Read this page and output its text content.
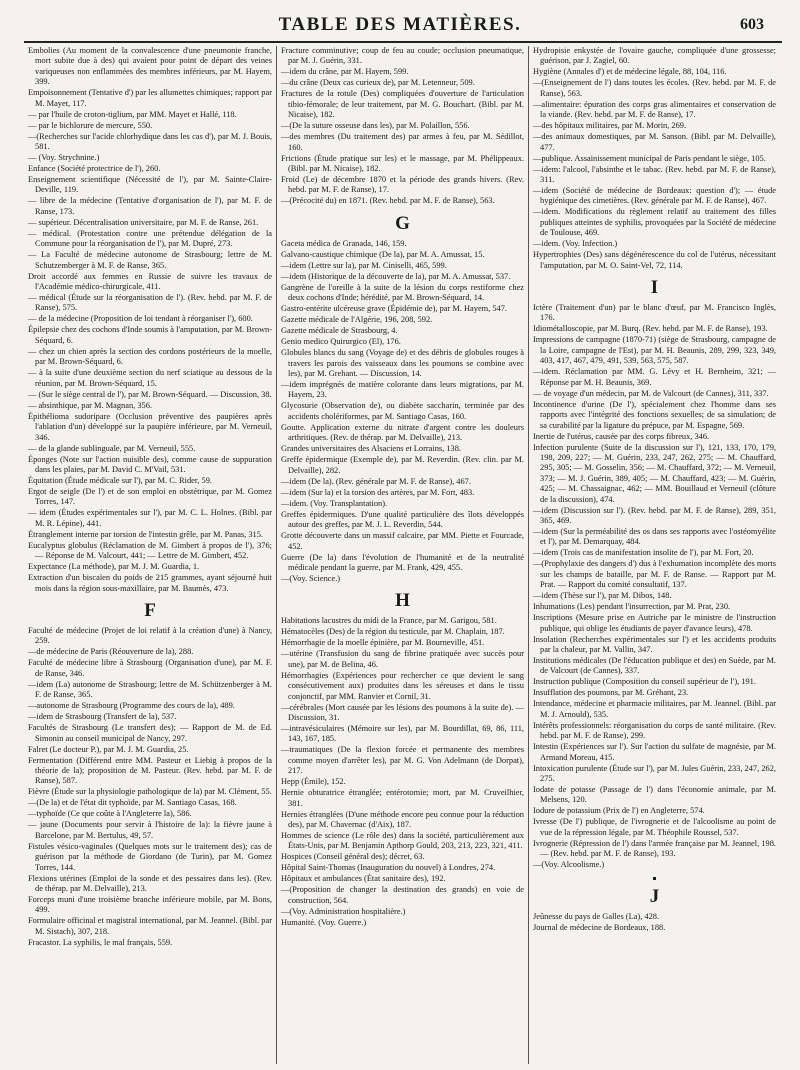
TABLE DES MATIÈRES.	603
Embolies (Au moment de la convalescence d'une pneumonie franche, mort subite due à des) qui avaient pour point de départ des veines variqueuses non enflammées des membres inférieurs, par M. Hayem, 399.
Empoisonnement (Tentative d') par les allumettes chimiques; rapport par M. Mayet, 117.
— par l'huile de croton-tiglium, par MM. Mayet et Hallé, 118.
— par le bichlorure de mercure, 550.
—(Recherches sur l'acide chlorhydique dans les cas d'), par M. J. Bouis, 581.
— (Voy. Strychnine.)
Enfance (Société protectrice de l'), 260.
Enseignement scientifique (Nécessité de l'), par M. Sainte-Claire-Deville, 119.
— libre de la médecine (Tentative d'organisation de l'), par M. F. de Ranse, 173.
— supérieur. Décentralisation universitaire, par M. F. de Ranse, 261.
— médical. (Protestation contre une prétendue délégation de la Commune pour la réorganisation de l'), par M. Dupré, 273.
— La Faculté de médecine autonome de Strasbourg; lettre de M. Schutzemberger à M. F. de Ranse, 365.
Droit accordé aux femmes en Russie de suivre les travaux de l'Académie médico-chirurgicale, 411.
— médical (Étude sur la réorganisation de l'). (Rev. hebd. par M. F. de Ranse), 575.
— de la médecine (Proposition de loi tendant à réorganiser l'), 600.
Épilepsie chez des cochons d'Inde soumis à l'amputation, par M. Brown-Séquard, 6.
— chez un chien après la section des cordons postérieurs de la moelle, par M. Brown-Séquard, 6.
— à la suite d'une deuxième section du nerf sciatique au dessous de la réunion, par M. Brown-Séquard, 15.
— (Sur le siège central de l'), par M. Brown-Séquard. — Discussion, 38.
— absinthique, par M. Magnan, 356.
Épithélioma sudoripare (Occlusion préventive des paupières après l'ablation d'un) développé sur la paupière inférieure, par M. Verneuil, 346.
— de la glande sublinguale, par M. Verneuil, 555.
Éponges (Note sur l'action nuisible des), comme cause de suppuration dans les plaies, par M. David C. M'Vail, 531.
Équitation (Étude médicale sur l'), par M. C. Rider, 59.
Ergot de seigle (De l') et de son emploi en obstétrique, par M. Gomez Torres, 147.
— idem (Études expérimentales sur l'), par M. C. L. Holnes. (Bibl. par M. R. Lépine), 441.
Étranglement interne par torsion de l'intestin grêle, par M. Panas, 315.
Eucalyptus globulus (Réclamation de M. Gimbert à propos de l'), 376; — Réponse de M. Valcourt, 441; — Lettre de M. Gimbert, 452.
Expectance (La méthode), par M. J. M. Guardia, 1.
Extraction d'un biscaïen du poids de 215 grammes, ayant séjourné huit mois dans la région sous-maxillaire, par M. Baumès, 473.
F
Faculté de médecine (Projet de loi relatif à la création d'une) à Nancy, 259.
—de médecine de Paris (Réouverture de la), 288.
Faculté de médecine libre à Strasbourg (Organisation d'une), par M. F. de Ranse, 346.
—idem (La) autonome de Strasbourg; lettre de M. Schützenberger à M. F. de Ranse, 365.
—autonome de Strasbourg (Programme des cours de la), 489.
—idem de Strasbourg (Transfert de la), 537.
Facultés de Strasbourg (Le transfert des); — Rapport de M. de Ed. Simonin au conseil municipal de Nancy, 297.
Falret (Le docteur P.), par M. J. M. Guardia, 25.
Fermentation (Différend entre MM. Pasteur et Liebig à propos de la théorie de la); proposition de M. Pasteur. (Rev. hebd. par M. F. de Ranse), 587.
Fièvre (Étude sur la physiologie pathologique de la) par M. Clément, 55.
—(De la) et de l'état dit typhoïde, par M. Santiago Casas, 168.
—typhoïde (Ce que coûte à l'Angleterre la), 586.
— jaune (Documents pour servir à l'histoire de la): la fièvre jaune à Barcelone, par M. Bertulus, 49, 57.
Fistules vésico-vaginales (Quelques mots sur le traitement des); cas de guérison par la méthode de Giordano (de Turin), par M. Gomez Torres, 144.
Flexions utérines (Emploi de la sonde et des pessaires dans les). (Rev. de thérap. par M. Delvaille), 213.
Forceps muni d'une troisième branche inférieure mobile, par M. Bons, 499.
Formulaire officinal et magistral international, par M. Jeannel. (Bibl. par M. Sistach), 307, 218.
Fracastor. La syphilis, le mal français, 559.
Fracture comminutive; coup de feu au coude; occlusion pneumatique, par M. J. Guérin, 331.
—idem du crâne, par M. Hayem, 599.
—du crâne (Deux cas curieux de), par M. Letenneur, 509.
Fractures de la rotule (Des) compliquées d'ouverture de l'articulation tibio-fémorale; de leur traitement, par M. G. Bouchart. (Bibl. par M. Nicaise), 182.
—(De la suture osseuse dans les), par M. Polaillon, 556.
—des membres (Du traitement des) par armes à feu, par M. Sédillot, 160.
Frictions (Étude pratique sur les) et le massage, par M. Phélippeaux. (Bibl. par M. Nicaise), 182.
Froid (Le) de décembre 1870 et la période des grands hivers. (Rev. hebd. par M. F. de Ranse), 17.
—(Précocité du) en 1871. (Rev. hebd. par M. F. de Ranse), 563.
G
Gaceta médica de Granada, 146, 159.
Galvano-caustique chimique (De la), par M. A. Amussat, 15.
—idem (Lettre sur la), par M. Ciniselli, 465, 599.
—idem (Historique de la découverte de la), par M. A. Amussat, 537.
Gangrène de l'oreille à la suite de la lésion du corps restiforme chez deux cochons d'Inde; hérédité, par M. Brown-Séquard, 14.
Gastro-entérite ulcéreuse grave (Épidémie de), par M. Hayem, 547.
Gazette médicale de l'Algérie, 196, 208, 592.
Gazette médicale de Strasbourg, 4.
Genio medico Quirurgico (El), 176.
Globules blancs du sang (Voyage de) et des débris de globules rouges à travers les parois des vaisseaux dans les poumons se combine avec les), par M. Grehant. — Discussion, 14.
—idem imprégnés de matière colorante dans leurs migrations, par M. Hayem, 23.
Glycosurie (Observation de), ou diabète saccharin, terminée par des accidents cholériformes, par M. Santiago Casas, 160.
Goutte. Application externe du nitrate d'argent contre les douleurs arthritiques. (Rev. de thérap. par M. Delvaille), 213.
Grandes universitaires des Alsaciens et Lorrains, 138.
Greffe épidermique (Exemple de), par M. Reverdin. (Rev. clin. par M. Delvaille), 282.
—idem (De la). (Rev. générale par M. F. de Ranse), 467.
—idem (Sur la) et la torsion des artères, par M. Fort, 483.
—idem. (Voy. Transplantation).
Greffes épidermiques. D'une qualité particulière des îlots développés autour des greffes, par M. J. L. Reverdin, 544.
Grotte découverte dans un massif calcaire, par MM. Piette et Fourcade, 452.
Guerre (De la) dans l'évolution de l'humanité et de la neutralité médicale pendant la guerre, par M. Frank, 429, 455.
—(Voy. Science.)
H
Habitations lacustres du midi de la France, par M. Garigou, 581.
Hématocèles (Des) de la région du testicule, par M. Chaplain, 187.
Hémorrhagie de la moelle épinière, par M. Bourneville, 451.
—utérine (Transfusion du sang de fibrine pratiquée avec succès pour une), par M. de Belina, 46.
Hémorrhagies (Expériences pour rechercher ce que devient le sang consécutivement aux) produites dans les séreuses et dans le tissu conjonctif, par MM. Ranvier et Cornil, 31.
—cérébrales (Mort causée par les lésions des poumons à la suite de). — Discussion, 31.
—intravésiculaires (Mémoire sur les), par M. Bourdillat, 69, 86, 111, 143, 167, 185.
—traumatiques (De la flexion forcée et permanente des membres comme moyen d'arrêter les), par M. G. Von Adelmann (de Dorpat), 217.
Hepp (Émile), 152.
Hernie obturatrice étranglée; entérotomie; mort, par M. Cruveilhier, 381.
Hernies étranglées (D'une méthode encore peu connue pour la réduction des), par M. Chavernac (d'Aix), 187.
Hommes de science (Le rôle des) dans la société, particulièrement aux États-Unis, par M. Benjamin Apthorp Gould, 203, 213, 223, 321, 411.
Hospices (Conseil général des); décret, 63.
Hôpital Saint-Thomas (Inauguration du nouvel) à Londres, 274.
Hôpitaux et ambulances (État sanitaire des), 192.
—(Proposition de changer la destination des grands) en voie de construction, 564.
—(Voy. Administration hospitalière.)
Humanité. (Voy. Guerre.)
Hydropisie enkystée de l'ovaire gauche, compliquée d'une grossesse; guérison, par J. Zagiel, 60.
Hygiène (Annales d') et de médecine légale, 88, 104, 116.
—(Enseignement de l') dans toutes les écoles. (Rev. hebd. par M. F. de Ranse), 563.
—alimentaire: épuration des corps gras alimentaires et conservation de la viande. (Rev. hebd. par M. F. de Ranse), 17.
—des hôpitaux militaires, par M. Morin, 269.
—des animaux domestiques, par M. Sanson. (Bibl. par M. Delvaille), 477.
—publique. Assainissement municipal de Paris pendant le siège, 105.
—idem: l'alcool, l'absinthe et le tabac. (Rev. hebd. par M. F. de Ranse), 311.
—idem (Société de médecine de Bordeaux: question d'); — étude hygiénique des cimetières. (Rev. générale par M. F. de Ranse), 467.
—idem. Modifications du règlement relatif au traitement des filles publiques atteintes de syphilis, provoquées par la Société de médecine de Toulouse, 469.
—idem. (Voy. Infection.)
Hypertrophies (Des) sans dégénérescence du col de l'utérus, nécessitant l'amputation, par M. O. Saint-Vel, 72, 114.
I
Ictère (Traitement d'un) par le blanc d'œuf, par M. Francisco Inglès, 176.
Idiométalloscopie, par M. Burq. (Rev. hebd. par M. F. de Ranse), 193.
Impressions de campagne (1870-71) (siège de Strasbourg, campagne de la Loire, campagne de l'Est), par M. H. Beaunis, 289, 299, 323, 349, 403, 417, 467, 479, 491, 539, 563, 575, 587.
—idem. Réclamation par MM. G. Lévy et H. Bernheim, 321; — Réponse par M. H. Beaunis, 369.
— de voyage d'un médecin, par M. de Valcourt (de Cannes), 311, 337.
Incontinence d'urine (De l'), spécialement chez l'homme dans ses rapports avec l'intégrité des fonctions sexuelles; de sa simulation; de sa curabilité par la ligature du prépuce, par M. Espagne, 569.
Inertie de l'utérus, causée par des corps fibreux, 346.
Infection purulente (Suite de la discussion sur l'), 121, 133, 170, 179, 198, 209, 227; — M. Guérin, 233, 247, 262, 275; — M. Chauffard, 295, 305; — M. Gosselin, 356; — M. Chauffard, 372; — M. Verneuil, 373; — M. J. Guérin, 389, 405; — M. Chauffard, 423; — M. Guérin, 425; — M. Chassaignac, 462; — MM. Bouillaud et Verneuil (clôture de la discussion), 474.
—idem (Discussion sur l'). (Rev. hebd. par M. F. de Ranse), 289, 351, 365, 469.
—idem (Sur la perméabilité des os dans ses rapports avec l'ostéomyélite et l'), par M. Demarquay, 484.
—idem (Trois cas de manifestation insolite de l'), par M. Fort, 20.
—(Prophylaxie des dangers d') dus à l'exhumation incomplète des morts sur les champs de bataille, par M. F. de Ranse. — Rapport par M. Prat. — Rapport du comité consultatif, 137.
—idem (Thèse sur l'), par M. Dibos, 148.
Inhumations (Les) pendant l'insurrection, par M. Prat, 230.
Inscriptions (Mesure prise en Autriche par le ministre de l'instruction publique, qui oblige les étudiants de payer d'avance leurs), 478.
Insolation (Recherches expérimentales sur l') et les accidents produits par la chaleur, par M. Vallin, 347.
Institutions médicales (De l'éducation publique et des) en Suède, par M. de Valcourt (de Cannes), 337.
Instruction publique (Composition du conseil supérieur de l'), 191.
Insufflation des poumons, par M. Gréhant, 23.
Intendance, médecine et pharmacie militaires, par M. Jeannel. (Bibl. par M. J. Arnould), 535.
Intérêts professionnels: réorganisation du corps de santé militaire. (Rev. hebd. par M. F. de Ranse), 299.
Intestin (Expériences sur l'). Sur l'action du sulfate de magnésie, par M. Armand Moreau, 415.
Intoxication purulente (Étude sur l'), par M. Jules Guérin, 233, 247, 262, 275.
Iodate de potasse (Passage de l') dans l'économie animale, par M. Melsens, 120.
Iodure de potassium (Prix de l') en Angleterre, 574.
Ivresse (De l') publique, de l'ivrognerie et de l'alcoolisme au point de vue de la répression légale, par M. Théophile Roussel, 537.
Ivrognerie (Répression de l') dans l'armée française par M. Jeannel, 198. — (Rev. hebd. par M. F. de Ranse), 193.
—(Voy. Alcoolisme.)
J
Jeûnesse du pays de Galles (La), 428.
Journal de médecine de Bordeaux, 188.
